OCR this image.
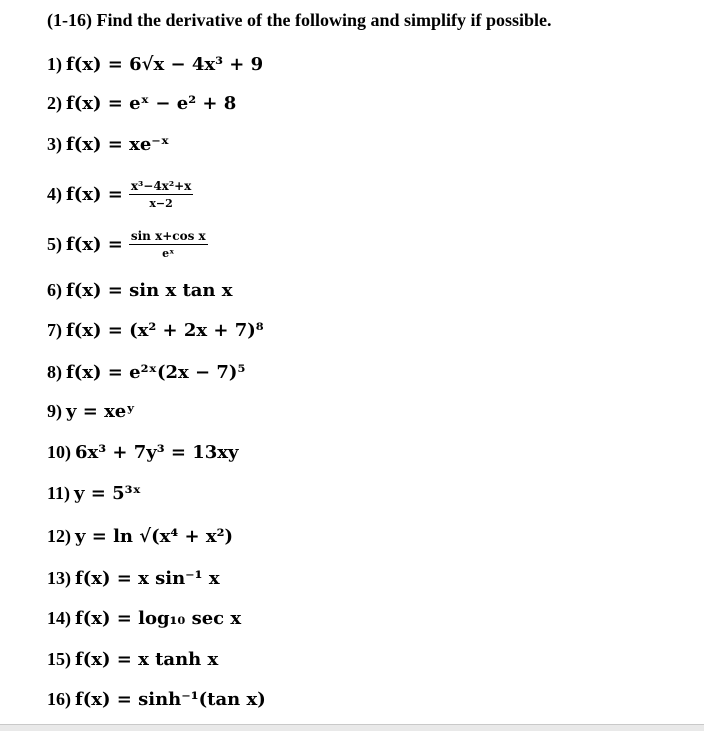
(1-16) Find the derivative of the following and simplify if possible.
1) f(x) = 6√x − 4x³ + 9
2) f(x) = eˣ − e² + 8
3) f(x) = xe⁻ˣ
4) $f(x) = \frac{\text{x³−4x²+x}}{x-2}$
5) $f(x) = \frac{\text{sin x+cos x}}{\text{eˣ}}$
6) f(x) = sin x tan x
7) f(x) = (x² + 2x + 7)⁸
8) f(x) = e²ˣ(2x − 7)⁵
9) y = xeʸ
10) 6x³ + 7y³ = 13xy
11) y = 5³ˣ
12) y = ln √(x⁴ + x²)
13) f(x) = x sin⁻¹ x
14) f(x) = log₁₀ sec x
15) f(x) = x tanh x
16) f(x) = sinh⁻¹(tan x)
